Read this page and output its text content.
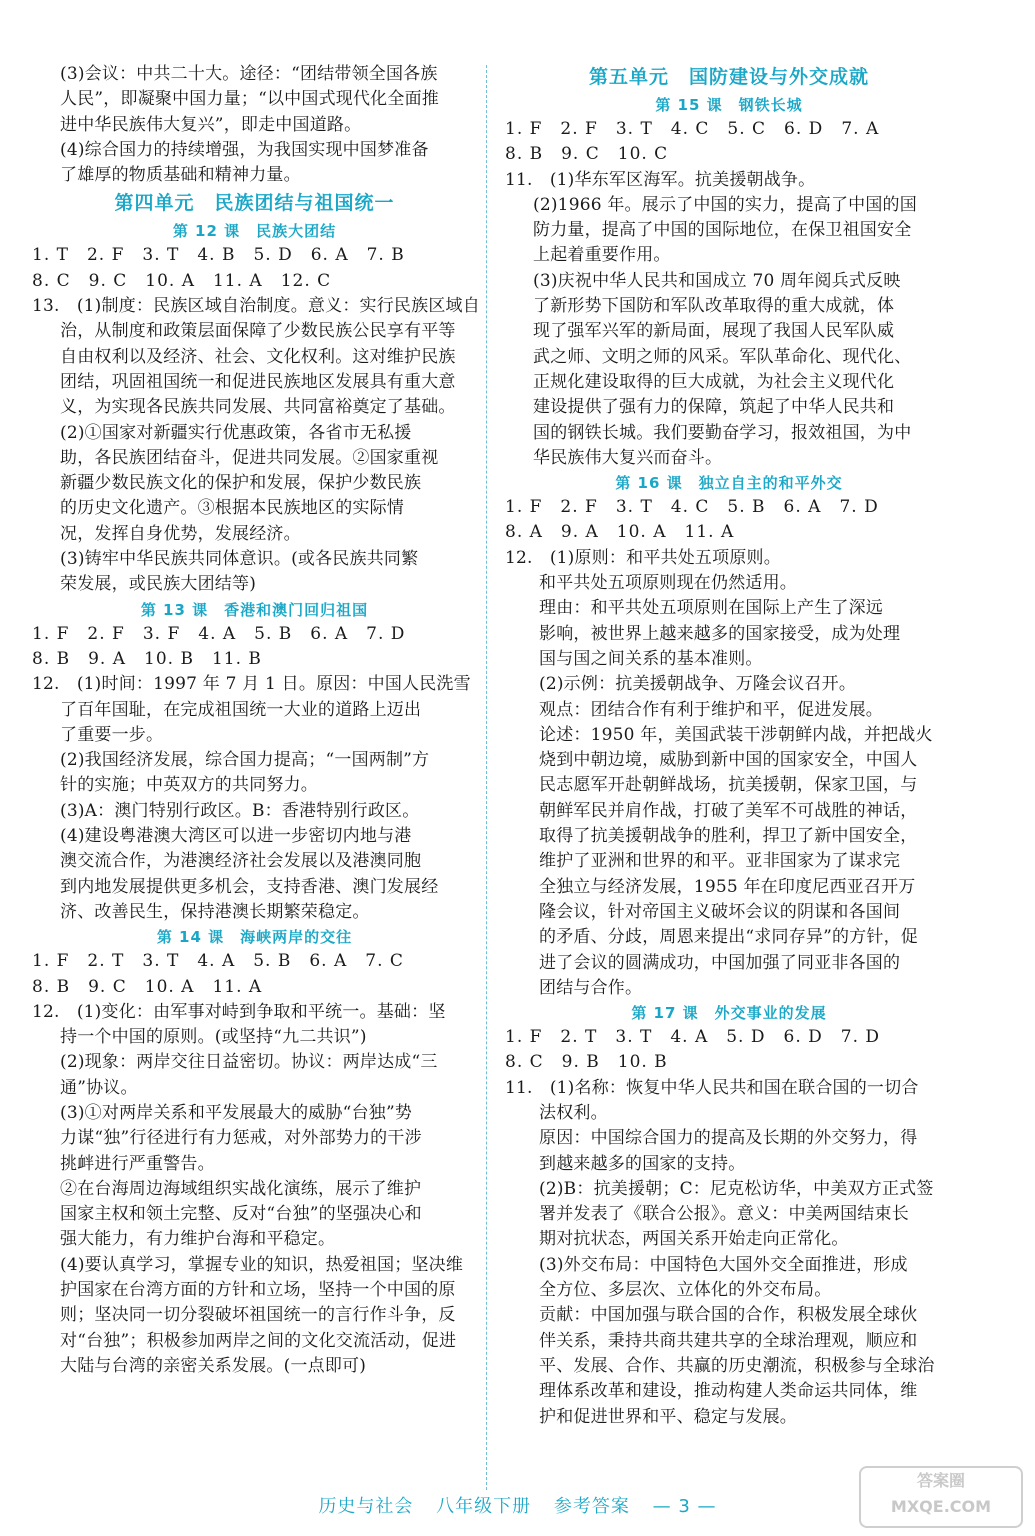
(3)会议：中共二十大。途径：“团结带领全国各族
人民”，即凝聚中国力量；“以中国式现代化全面推
进中华民族伟大复兴”，即走中国道路。
(4)综合国力的持续增强，为我国实现中国梦准备
了雄厚的物质基础和精神力量。
第四单元　民族团结与祖国统一
第 12 课　民族大团结
1. T　2. F　3. T　4. B　5. D　6. A　7. B
8. C　9. C　10. A　11. A　12. C
13.　(1)制度：民族区域自治制度。意义：实行民族区域自
治，从制度和政策层面保障了少数民族公民享有平等
自由权利以及经济、社会、文化权利。这对维护民族
团结，巩固祖国统一和促进民族地区发展具有重大意
义，为实现各民族共同发展、共同富裕奠定了基础。
(2)①国家对新疆实行优惠政策，各省市无私援
助，各民族团结奋斗，促进共同发展。②国家重视
新疆少数民族文化的保护和发展，保护少数民族
的历史文化遗产。③根据本民族地区的实际情
况，发挥自身优势，发展经济。
(3)铸牢中华民族共同体意识。(或各民族共同繁
荣发展，或民族大团结等)
第 13 课　香港和澳门回归祖国
1. F　2. F　3. F　4. A　5. B　6. A　7. D
8. B　9. A　10. B　11. B
12.　(1)时间：1997 年 7 月 1 日。原因：中国人民洗雪
了百年国耻，在完成祖国统一大业的道路上迈出
了重要一步。
(2)我国经济发展，综合国力提高；“一国两制”方
针的实施；中英双方的共同努力。
(3)A：澳门特别行政区。B：香港特别行政区。
(4)建设粤港澳大湾区可以进一步密切内地与港
澳交流合作，为港澳经济社会发展以及港澳同胞
到内地发展提供更多机会，支持香港、澳门发展经
济、改善民生，保持港澳长期繁荣稳定。
第 14 课　海峡两岸的交往
1. F　2. T　3. T　4. A　5. B　6. A　7. C
8. B　9. C　10. A　11. A
12.　(1)变化：由军事对峙到争取和平统一。基础：坚
持一个中国的原则。(或坚持“九二共识”)
(2)现象：两岸交往日益密切。协议：两岸达成“三
通”协议。
(3)①对两岸关系和平发展最大的威胁“台独”势
力谋“独”行径进行有力惩戒，对外部势力的干涉
挑衅进行严重警告。
②在台海周边海域组织实战化演练，展示了维护
国家主权和领土完整、反对“台独”的坚强决心和
强大能力，有力维护台海和平稳定。
(4)要认真学习，掌握专业的知识，热爱祖国；坚决维
护国家在台湾方面的方针和立场，坚持一个中国的原
则；坚决同一切分裂破坏祖国统一的言行作斗争，反
对“台独”；积极参加两岸之间的文化交流活动，促进
大陆与台湾的亲密关系发展。(一点即可)
第五单元　国防建设与外交成就
第 15 课　钢铁长城
1. F　2. F　3. T　4. C　5. C　6. D　7. A
8. B　9. C　10. C
11.　(1)华东军区海军。抗美援朝战争。
(2)1966 年。展示了中国的实力，提高了中国的国
防力量，提高了中国的国际地位，在保卫祖国安全
上起着重要作用。
(3)庆祝中华人民共和国成立 70 周年阅兵式反映
了新形势下国防和军队改革取得的重大成就，体
现了强军兴军的新局面，展现了我国人民军队威
武之师、文明之师的风采。军队革命化、现代化、
正规化建设取得的巨大成就，为社会主义现代化
建设提供了强有力的保障，筑起了中华人民共和
国的钢铁长城。我们要勤奋学习，报效祖国，为中
华民族伟大复兴而奋斗。
第 16 课　独立自主的和平外交
1. F　2. F　3. T　4. C　5. B　6. A　7. D
8. A　9. A　10. A　11. A
12.　(1)原则：和平共处五项原则。
和平共处五项原则现在仍然适用。
理由：和平共处五项原则在国际上产生了深远
影响，被世界上越来越多的国家接受，成为处理
国与国之间关系的基本准则。
(2)示例：抗美援朝战争、万隆会议召开。
观点：团结合作有利于维护和平，促进发展。
论述：1950 年，美国武装干涉朝鲜内战，并把战火
烧到中朝边境，威胁到新中国的国家安全，中国人
民志愿军开赴朝鲜战场，抗美援朝，保家卫国，与
朝鲜军民并肩作战，打破了美军不可战胜的神话，
取得了抗美援朝战争的胜利，捍卫了新中国安全，
维护了亚洲和世界的和平。亚非国家为了谋求完
全独立与经济发展，1955 年在印度尼西亚召开万
隆会议，针对帝国主义破坏会议的阴谋和各国间
的矛盾、分歧，周恩来提出“求同存异”的方针，促
进了会议的圆满成功，中国加强了同亚非各国的
团结与合作。
第 17 课　外交事业的发展
1. F　2. T　3. T　4. A　5. D　6. D　7. D
8. C　9. B　10. B
11.　(1)名称：恢复中华人民共和国在联合国的一切合
法权利。
原因：中国综合国力的提高及长期的外交努力，得
到越来越多的国家的支持。
(2)B：抗美援朝；C：尼克松访华，中美双方正式签
署并发表了《联合公报》。意义：中美两国结束长
期对抗状态，两国关系开始走向正常化。
(3)外交布局：中国特色大国外交全面推进，形成
全方位、多层次、立体化的外交布局。
贡献：中国加强与联合国的合作，积极发展全球伙
伴关系，秉持共商共建共享的全球治理观，顺应和
平、发展、合作、共赢的历史潮流，积极参与全球治
理体系改革和建设，推动构建人类命运共同体，维
护和促进世界和平、稳定与发展。
历史与社会 八年级下册 参考答案 — 3 —
答案圈
MXQE.COM
